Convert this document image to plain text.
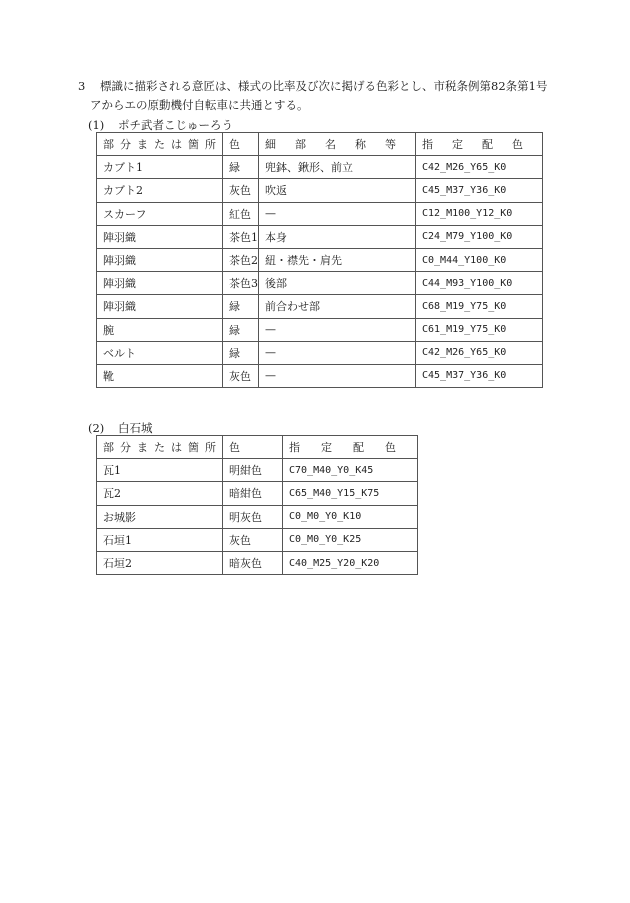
3 標識に描彩される意匠は、様式の比率及び次に掲げる色彩とし、市税条例第82条第1号
アからエの原動機付自転車に共通とする。
(1) ポチ武者こじゅーろう
部分または箇所	色	細部名称等	指定配色
カブト1	緑	兜鉢、鍬形、前立	C42_M26_Y65_K0
カブト2	灰色	吹返	C45_M37_Y36_K0
スカーフ	紅色	—	C12_M100_Y12_K0
陣羽織	茶色1	本身	C24_M79_Y100_K0
陣羽織	茶色2	紐・襟先・肩先	C0_M44_Y100_K0
陣羽織	茶色3	後部	C44_M93_Y100_K0
陣羽織	緑	前合わせ部	C68_M19_Y75_K0
腕	緑	—	C61_M19_Y75_K0
ベルト	緑	—	C42_M26_Y65_K0
靴	灰色	—	C45_M37_Y36_K0
(2) 白石城
部分または箇所	色	指定配色
瓦1	明紺色	C70_M40_Y0_K45
瓦2	暗紺色	C65_M40_Y15_K75
お城影	明灰色	C0_M0_Y0_K10
石垣1	灰色	C0_M0_Y0_K25
石垣2	暗灰色	C40_M25_Y20_K20
